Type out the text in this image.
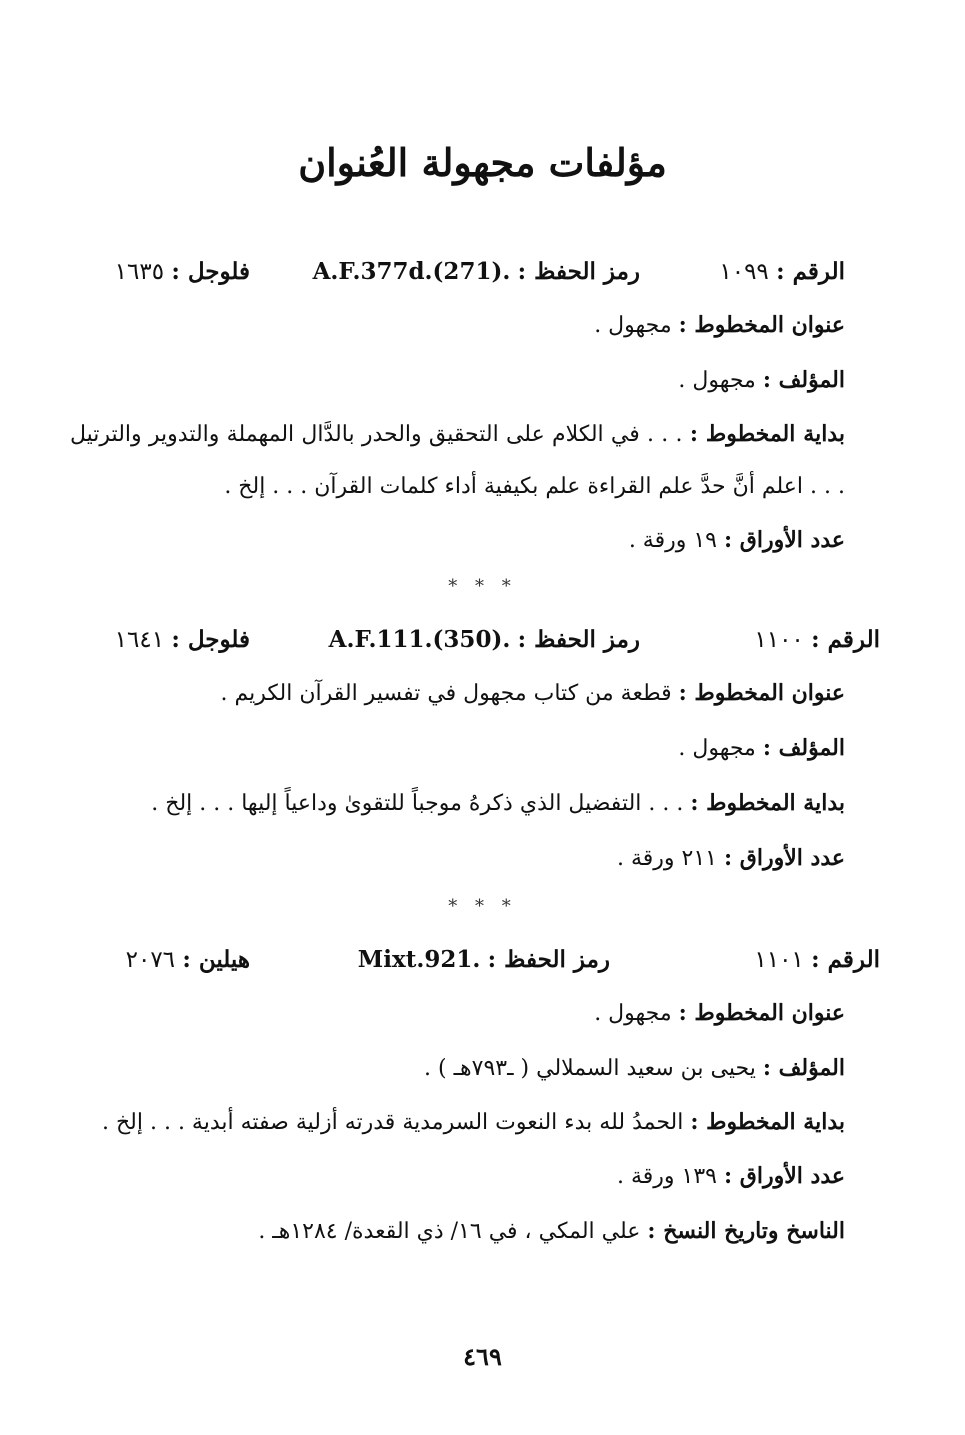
مؤلفات مجهولة العُنوان
الرقم : ١٠٩٩
رمز الحفظ : A.F.377d.(271).
فلوجل : ١٦٣٥
عنوان المخطوط : مجهول .
المؤلف : مجهول .
بداية المخطوط : . . . في الكلام على التحقيق والحدر بالدَّال المهملة والتدوير والترتيل . . . اعلم أنَّ حدَّ علم القراءة علم بكيفية أداء كلمات القرآن . . . إلخ .
عدد الأوراق : ١٩ ورقة .
* * *
الرقم : ١١٠٠
رمز الحفظ : A.F.111.(350).
فلوجل : ١٦٤١
عنوان المخطوط : قطعة من كتاب مجهول في تفسير القرآن الكريم .
المؤلف : مجهول .
بداية المخطوط : . . . التفضيل الذي ذكرهُ موجباً للتقوىٰ وداعياً إليها . . . إلخ .
عدد الأوراق : ٢١١ ورقة .
* * *
الرقم : ١١٠١
رمز الحفظ : Mixt.921.
هيلين : ٢٠٧٦
عنوان المخطوط : مجهول .
المؤلف : يحيى بن سعيد السملالي ( ـ٧٩٣هـ ) .
بداية المخطوط : الحمدُ لله بدء النعوت السرمدية قدرته أزلية صفته أبدية . . . إلخ .
عدد الأوراق : ١٣٩ ورقة .
الناسخ وتاريخ النسخ : علي المكي ، في ١٦/ ذي القعدة/ ١٢٨٤هـ .
٤٦٩
